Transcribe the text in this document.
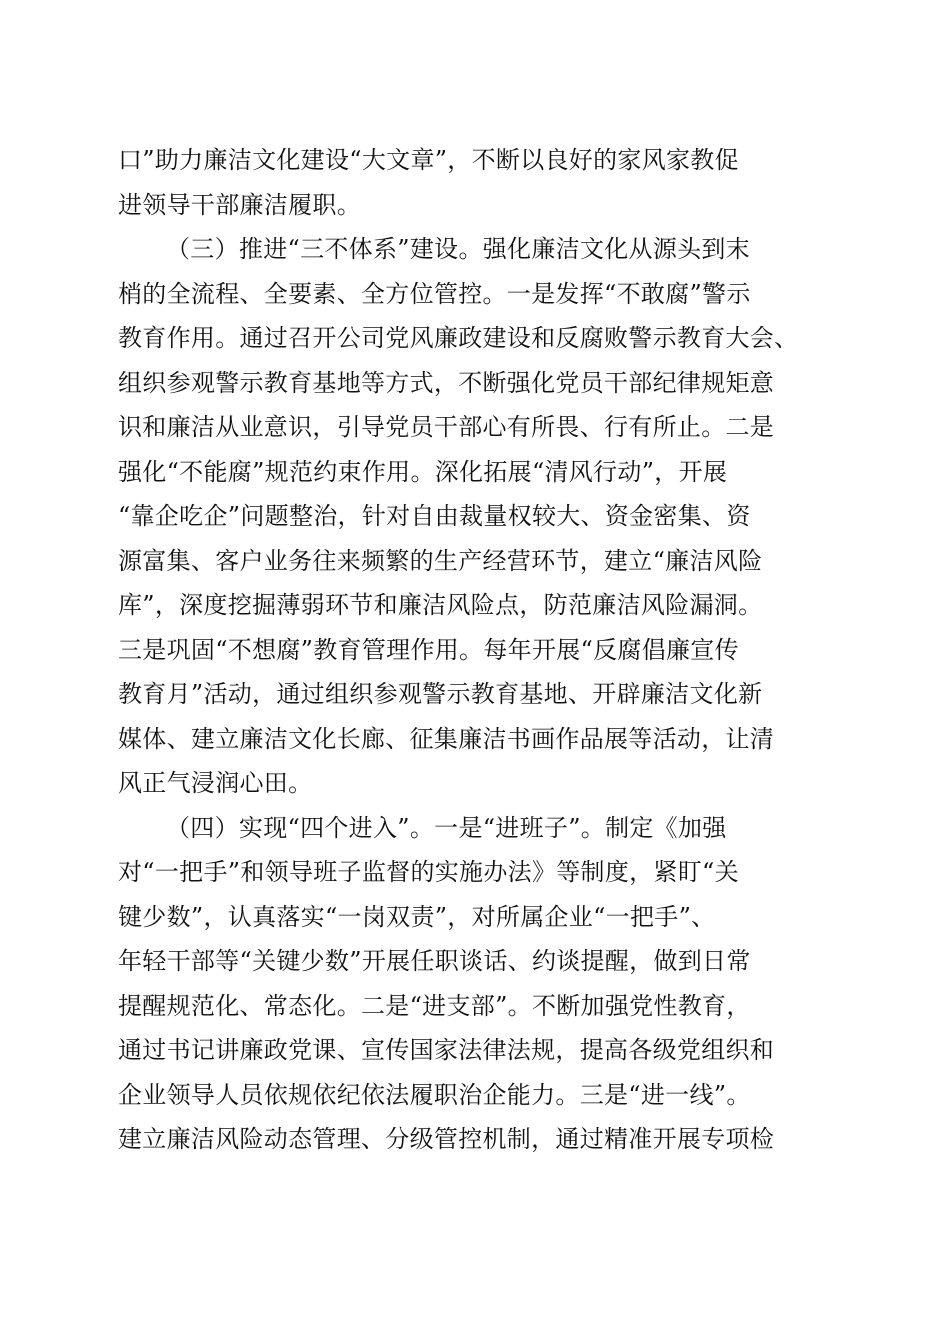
口”助力廉洁文化建设“大文章”，不断以良好的家风家教促
进领导干部廉洁履职。
（三）推进“三不体系”建设。强化廉洁文化从源头到末
梢的全流程、全要素、全方位管控。一是发挥“不敢腐”警示
教育作用。通过召开公司党风廉政建设和反腐败警示教育大会、
组织参观警示教育基地等方式，不断强化党员干部纪律规矩意
识和廉洁从业意识，引导党员干部心有所畏、行有所止。二是
强化“不能腐”规范约束作用。深化拓展“清风行动”，开展
“靠企吃企”问题整治，针对自由裁量权较大、资金密集、资
源富集、客户业务往来频繁的生产经营环节，建立“廉洁风险
库”，深度挖掘薄弱环节和廉洁风险点，防范廉洁风险漏洞。
三是巩固“不想腐”教育管理作用。每年开展“反腐倡廉宣传
教育月”活动，通过组织参观警示教育基地、开辟廉洁文化新
媒体、建立廉洁文化长廊、征集廉洁书画作品展等活动，让清
风正气浸润心田。
（四）实现“四个进入”。一是“进班子”。制定《加强
对“一把手”和领导班子监督的实施办法》等制度，紧盯“关
键少数”，认真落实“一岗双责”，对所属企业“一把手”、
年轻干部等“关键少数”开展任职谈话、约谈提醒，做到日常
提醒规范化、常态化。二是“进支部”。不断加强党性教育，
通过书记讲廉政党课、宣传国家法律法规，提高各级党组织和
企业领导人员依规依纪依法履职治企能力。三是“进一线”。
建立廉洁风险动态管理、分级管控机制，通过精准开展专项检
